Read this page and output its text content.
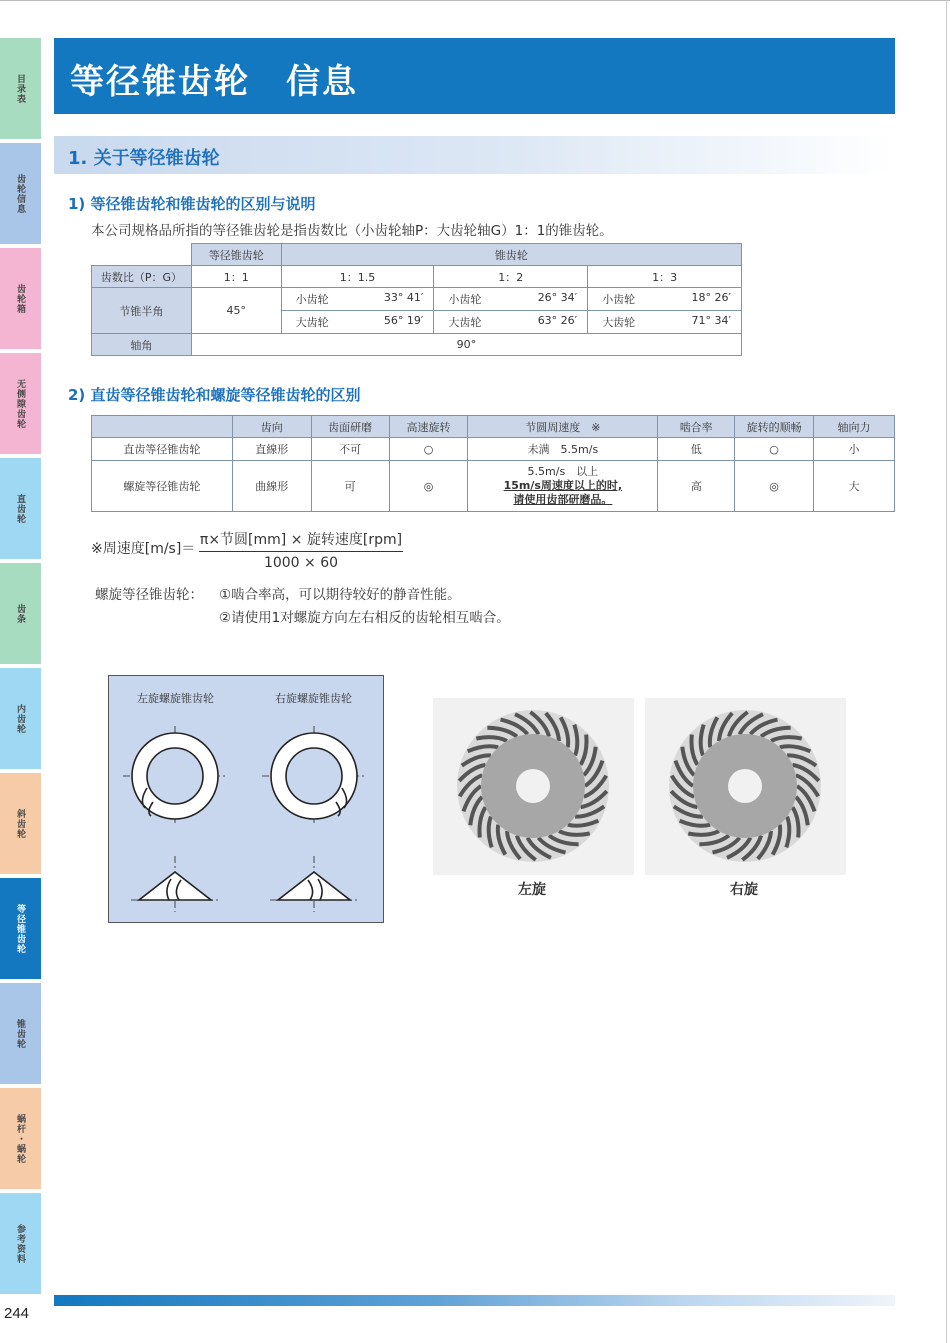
目录表
齿轮信息
齿轮箱
无侧隙齿轮
直齿轮
齿条
内齿轮
斜齿轮
等径锥齿轮
锥齿轮
蜗杆・蜗轮
参考资料
244
等径锥齿轮　信息
1. 关于等径锥齿轮
1) 等径锥齿轮和锥齿轮的区别与说明
本公司规格品所指的等径锥齿轮是指齿数比（小齿轮轴P：大齿轮轴G）1：1的锥齿轮。
	等径锥齿轮	锥齿轮		
齿数比（P：G）	1：1	1：1.5	1：2	1：3
节锥半角	45°	小齿轮 33° 41′	小齿轮 26° 34′	小齿轮 18° 26′

		大齿轮 56° 19′	大齿轮 63° 26′	大齿轮 71° 34′

轴角	90°			
2) 直齿等径锥齿轮和螺旋等径锥齿轮的区别
	齿向	齿面研磨	高速旋转	节圆周速度　※	啮合率	旋转的顺畅	轴向力
直齿等径锥齿轮	直線形	不可	○	未满　5.5m/s	低	○	小
螺旋等径锥齿轮	曲線形	可	◎	5.5m/s　以上
15m/s周速度以上的时,
请使用齿部研磨品。	高	◎	大
※周速度[m/s]＝
π×节圆[mm] × 旋转速度[rpm]
1000 × 60
螺旋等径锥齿轮： ①啮合率高，可以期待较好的静音性能。
②请使用1对螺旋方向左右相反的齿轮相互啮合。
左旋螺旋锥齿轮	右旋螺旋锥齿轮
左旋	右旋
